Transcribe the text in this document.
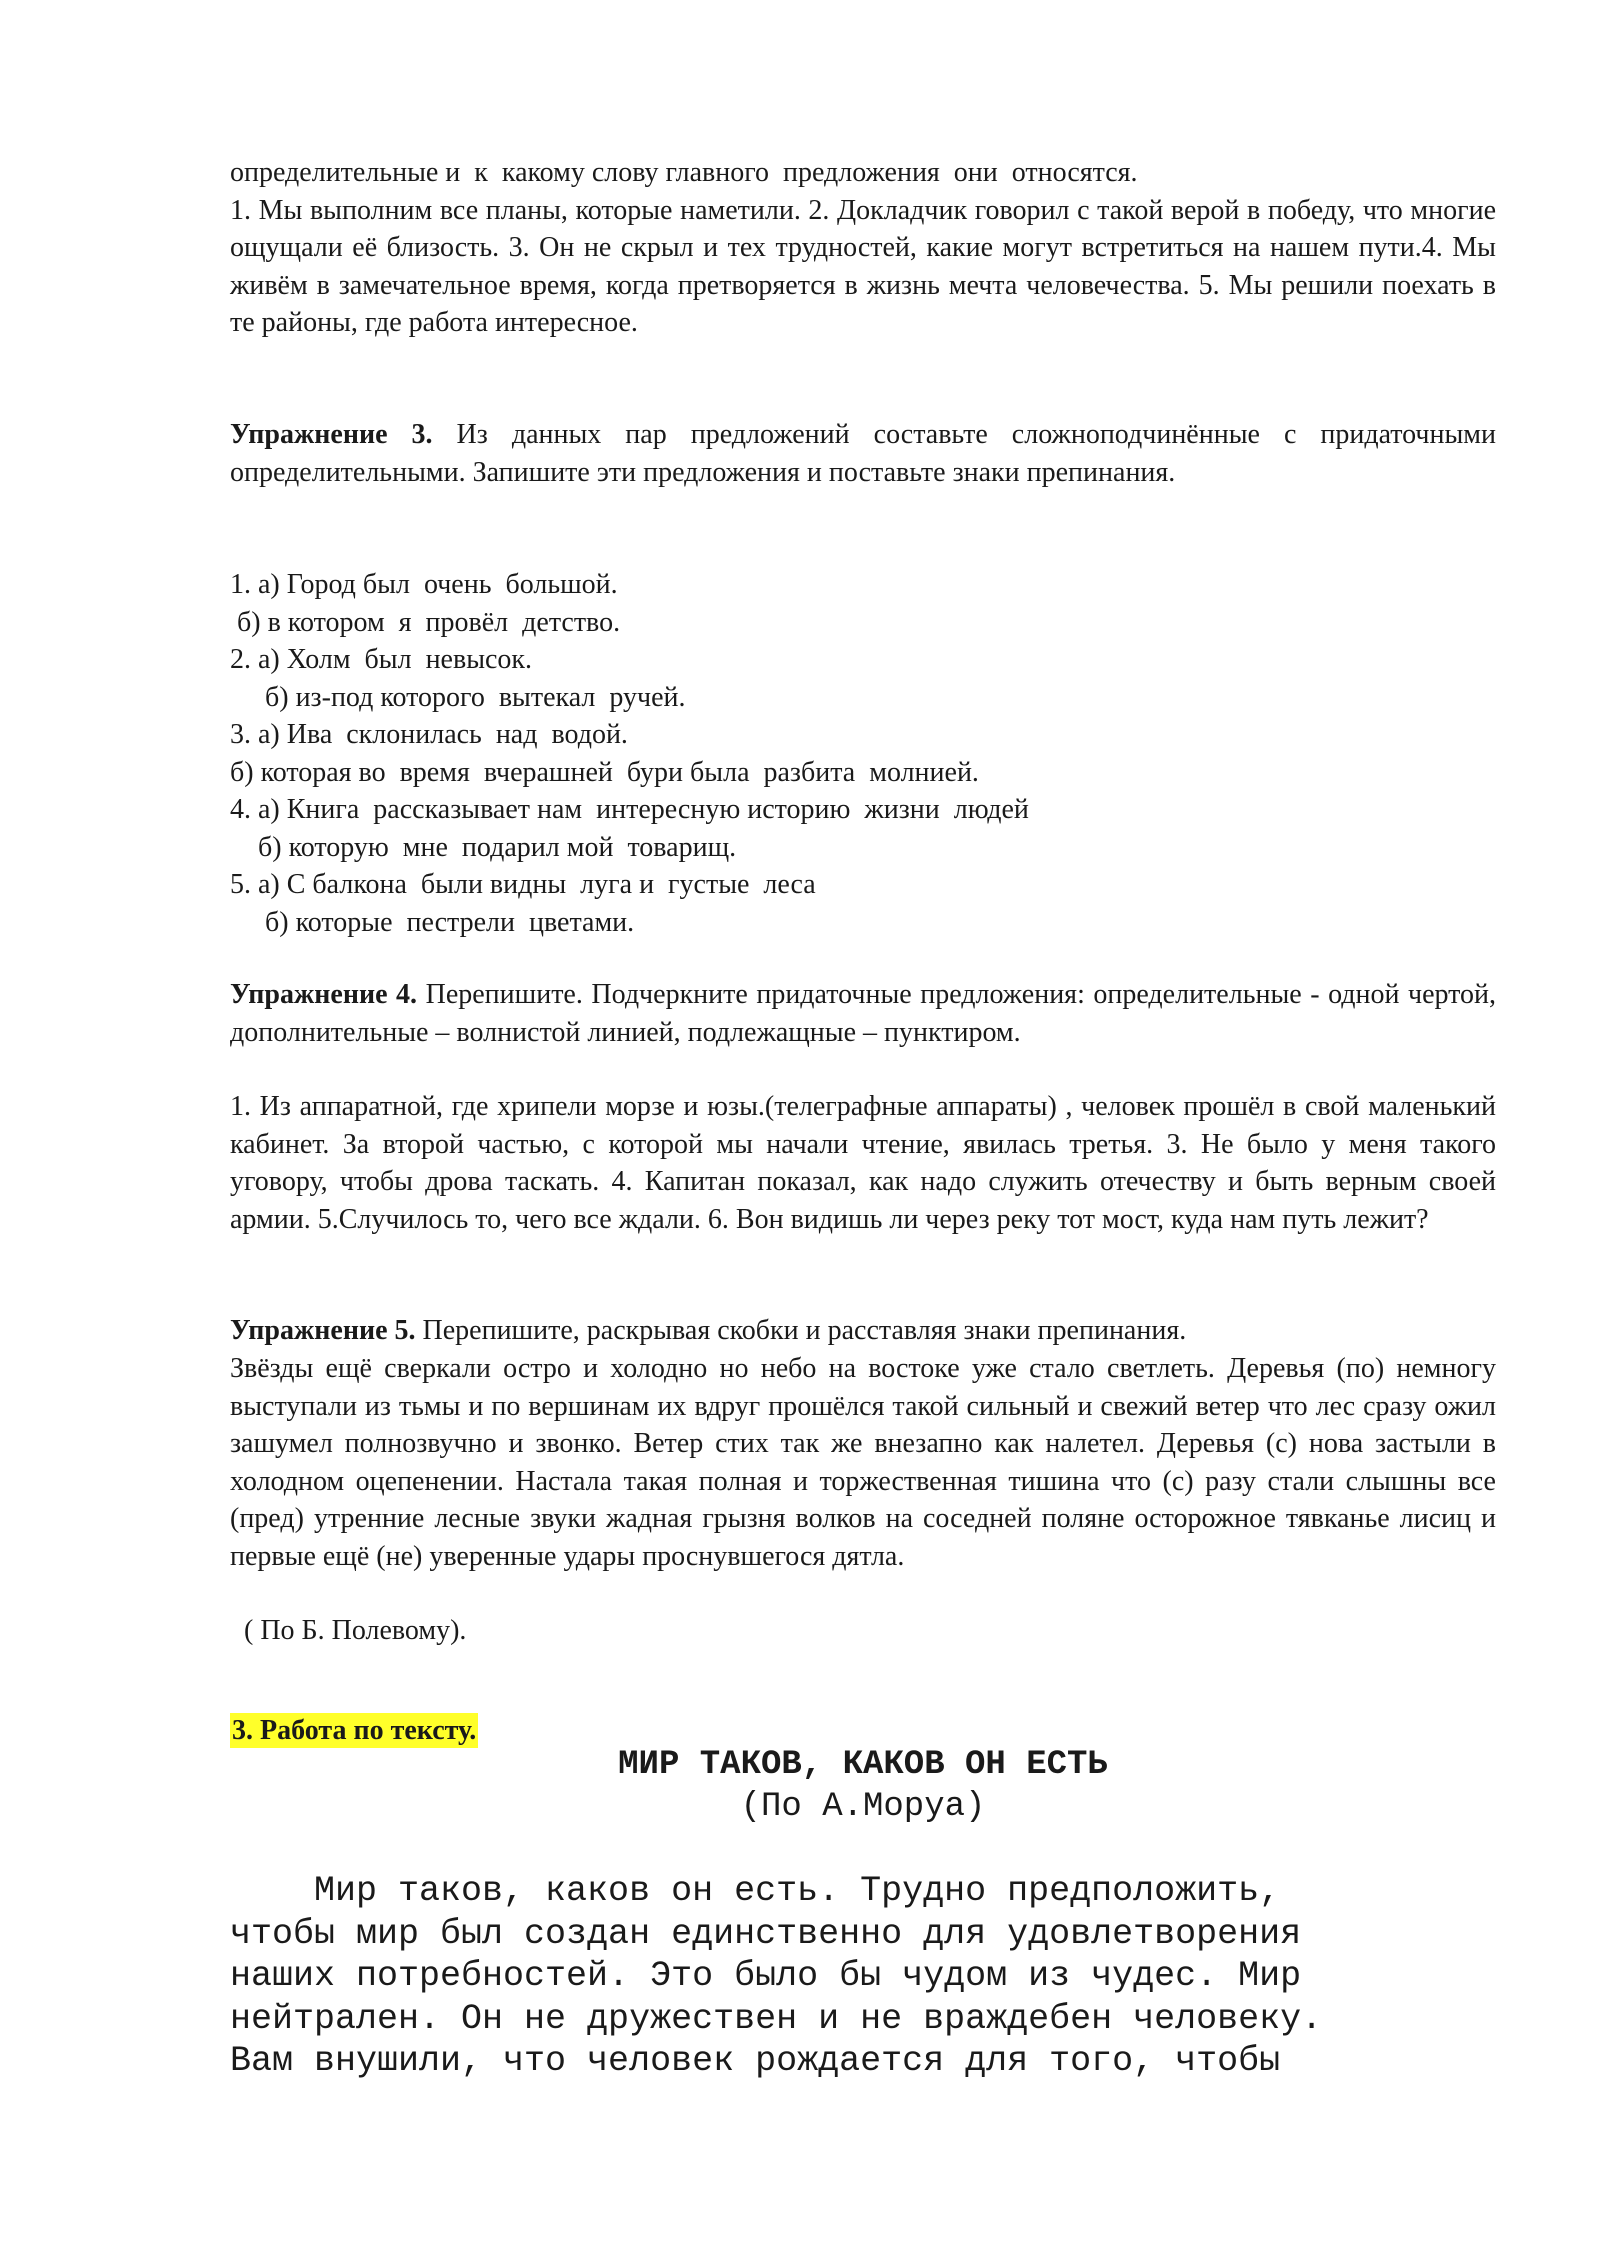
определительные и  к  какому слову главного  предложения  они  относятся.
1. Мы выполним все планы, которые наметили. 2. Докладчик говорил с такой верой в победу, что многие ощущали её близость. 3. Он не скрыл и тех трудностей, какие могут встретиться на нашем пути.4. Мы живём в замечательное время, когда претворяется в жизнь мечта человечества. 5. Мы решили поехать в те районы, где работа интересное.
Упражнение 3. Из данных пар предложений составьте сложноподчинённые с придаточными определительными. Запишите эти предложения и поставьте знаки препинания.
1. а) Город был  очень  большой.
б) в котором  я  провёл  детство.
2. а) Холм  был  невысок.
б) из-под которого  вытекал  ручей.
3. а) Ива  склонилась  над  водой.
б) которая во  время  вчерашней  бури была  разбита  молнией.
4. а) Книга  рассказывает нам  интересную историю  жизни  людей
б) которую  мне  подарил мой  товарищ.
5. а) С балкона  были видны  луга и  густые  леса
б) которые  пестрели  цветами.
Упражнение 4. Перепишите. Подчеркните придаточные предложения: определительные - одной чертой, дополнительные – волнистой линией, подлежащные – пунктиром.
1. Из аппаратной, где хрипели морзе и юзы.(телеграфные аппараты) , человек прошёл в свой маленький кабинет. За второй частью, с которой мы начали чтение, явилась третья. 3. Не было у меня такого уговору, чтобы дрова таскать. 4. Капитан показал, как надо служить отечеству и быть верным своей армии. 5.Случилось то, чего все ждали. 6. Вон видишь ли через реку тот мост, куда нам путь лежит?
Упражнение 5. Перепишите, раскрывая скобки и расставляя знаки препинания.
Звёзды ещё сверкали остро и холодно но небо на востоке уже стало светлеть. Деревья (по) немногу выступали из тьмы и по вершинам их вдруг прошёлся такой сильный и свежий ветер что лес сразу ожил зашумел полнозвучно и звонко. Ветер стих так же внезапно как налетел. Деревья (с) нова застыли в холодном оцепенении. Настала такая полная и торжественная тишина что (с) разу стали слышны все (пред) утренние лесные звуки жадная грызня волков на соседней поляне осторожное тявканье лисиц и первые ещё (не) уверенные удары проснувшегося дятла.
( По Б. Полевому).
3. Работа по тексту.
МИР ТАКОВ, КАКОВ ОН ЕСТЬ
(По А.Моруа)
Мир таков, каков он есть. Трудно предположить,
чтобы мир был создан единственно для удовлетворения
наших потребностей. Это было бы чудом из чудес. Мир
нейтрален. Он не дружествен и не враждебен человеку.
Вам внушили, что человек рождается для того, чтобы
